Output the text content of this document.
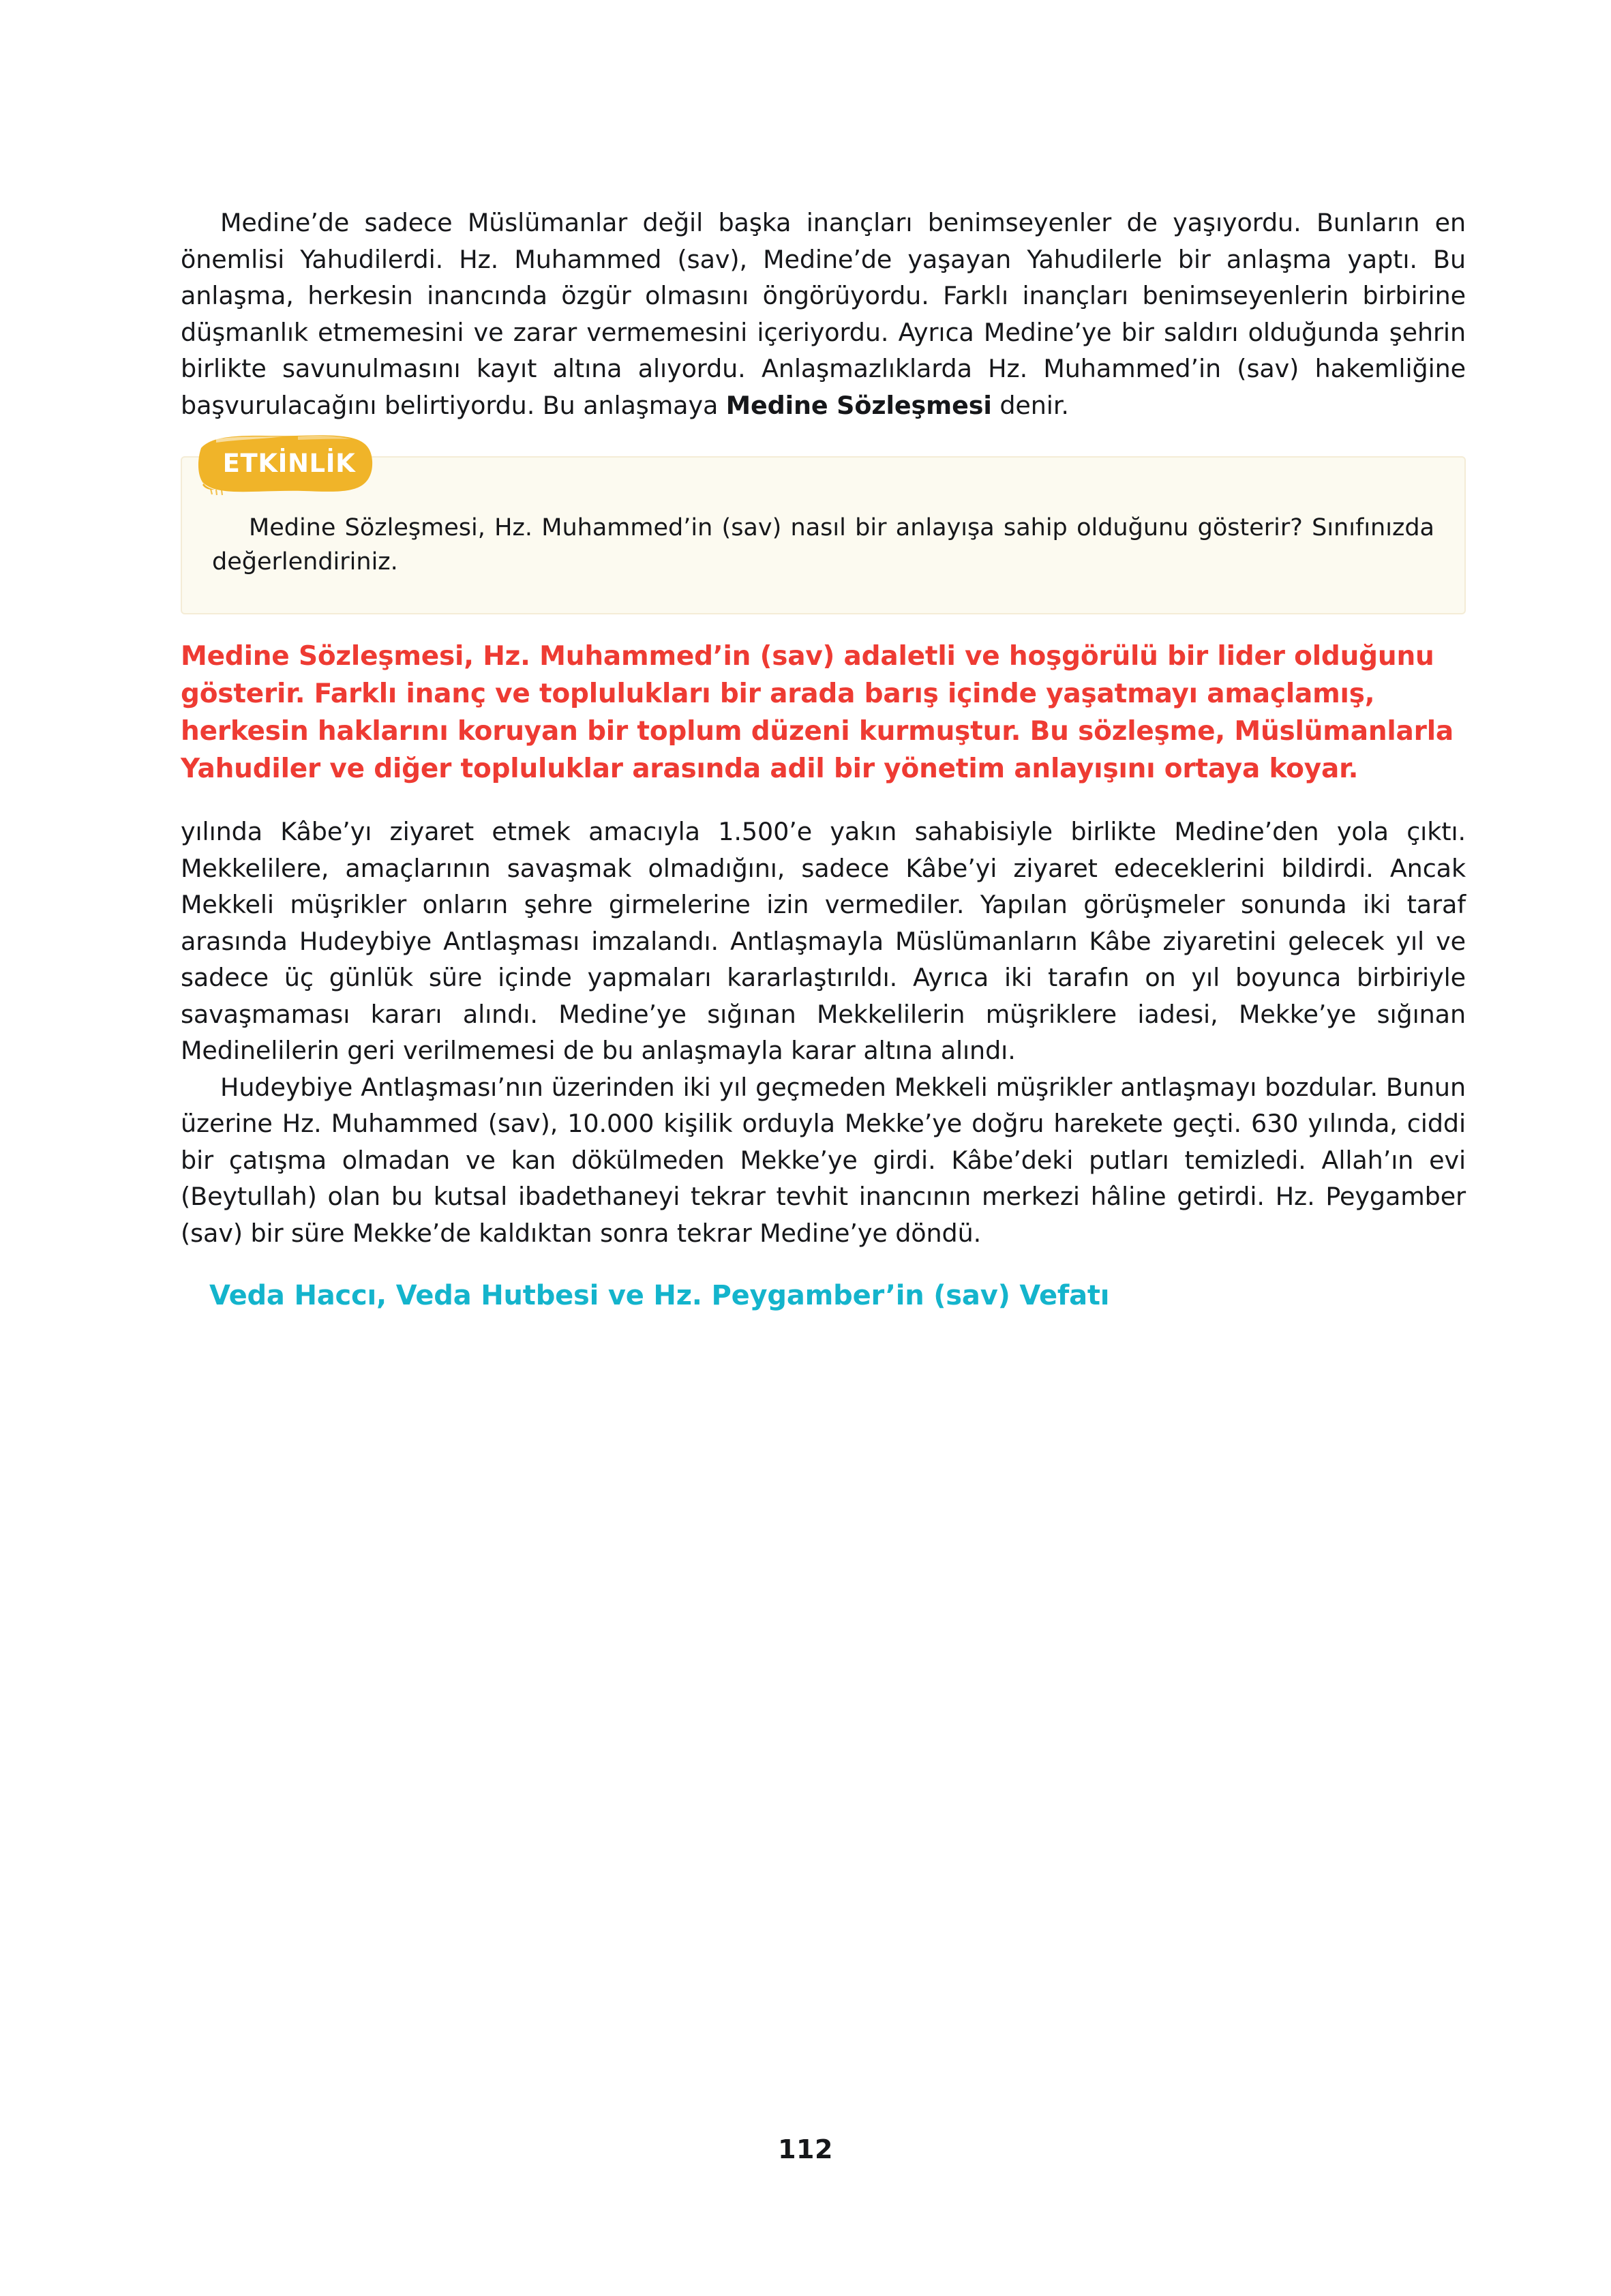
Medine’de sadece Müslümanlar değil başka inançları benimseyenler de yaşıyordu. Bunların en önemlisi Yahudilerdi. Hz. Muhammed (sav), Medine’de yaşayan Yahudilerle bir anlaşma yaptı. Bu anlaşma, herkesin inancında özgür olmasını öngörüyordu. Farklı inançları benimseyenlerin birbirine düşmanlık etmemesini ve zarar vermemesini içeriyordu. Ayrıca Medine’ye bir saldırı olduğunda şehrin birlikte savunulmasını kayıt altına alıyordu. Anlaşmazlıklarda Hz. Muhammed’in (sav) hakemliğine başvurulacağını belirtiyordu. Bu anlaşmaya Medine Sözleşmesi denir.

ETKİNLİK

Medine Sözleşmesi, Hz. Muhammed’in (sav) nasıl bir anlayışa sahip olduğunu gösterir? Sınıfınızda değerlendiriniz.

Medine Sözleşmesi, Hz. Muhammed’in (sav) adaletli ve hoşgörülü bir lider olduğunu gösterir. Farklı inanç ve toplulukları bir arada barış içinde yaşatmayı amaçlamış, herkesin haklarını koruyan bir toplum düzeni kurmuştur. Bu sözleşme, Müslümanlarla Yahudiler ve diğer topluluklar arasında adil bir yönetim anlayışını ortaya koyar.

yılında Kâbe’yı ziyaret etmek amacıyla 1.500’e yakın sahabisiyle birlikte Medine’den yola çıktı. Mekkelilere, amaçlarının savaşmak olmadığını, sadece Kâbe’yi ziyaret edeceklerini bildirdi. Ancak Mekkeli müşrikler onların şehre girmelerine izin vermediler. Yapılan görüşmeler sonunda iki taraf arasında Hudeybiye Antlaşması imzalandı. Antlaşmayla Müslümanların Kâbe ziyaretini gelecek yıl ve sadece üç günlük süre içinde yapmaları kararlaştırıldı. Ayrıca iki tarafın on yıl boyunca birbiriyle savaşmaması kararı alındı. Medine’ye sığınan Mekkelilerin müşriklere iadesi, Mekke’ye sığınan Medinelilerin geri verilmemesi de bu anlaşmayla karar altına alındı.

Hudeybiye Antlaşması’nın üzerinden iki yıl geçmeden Mekkeli müşrikler antlaşmayı bozdular. Bunun üzerine Hz. Muhammed (sav), 10.000 kişilik orduyla Mekke’ye doğru harekete geçti. 630 yılında, ciddi bir çatışma olmadan ve kan dökülmeden Mekke’ye girdi. Kâbe’deki putları temizledi. Allah’ın evi (Beytullah) olan bu kutsal ibadethaneyi tekrar tevhit inancının merkezi hâline getirdi. Hz. Peygamber (sav) bir süre Mekke’de kaldıktan sonra tekrar Medine’ye döndü.

Veda Haccı, Veda Hutbesi ve Hz. Peygamber’in (sav) Vefatı

112
